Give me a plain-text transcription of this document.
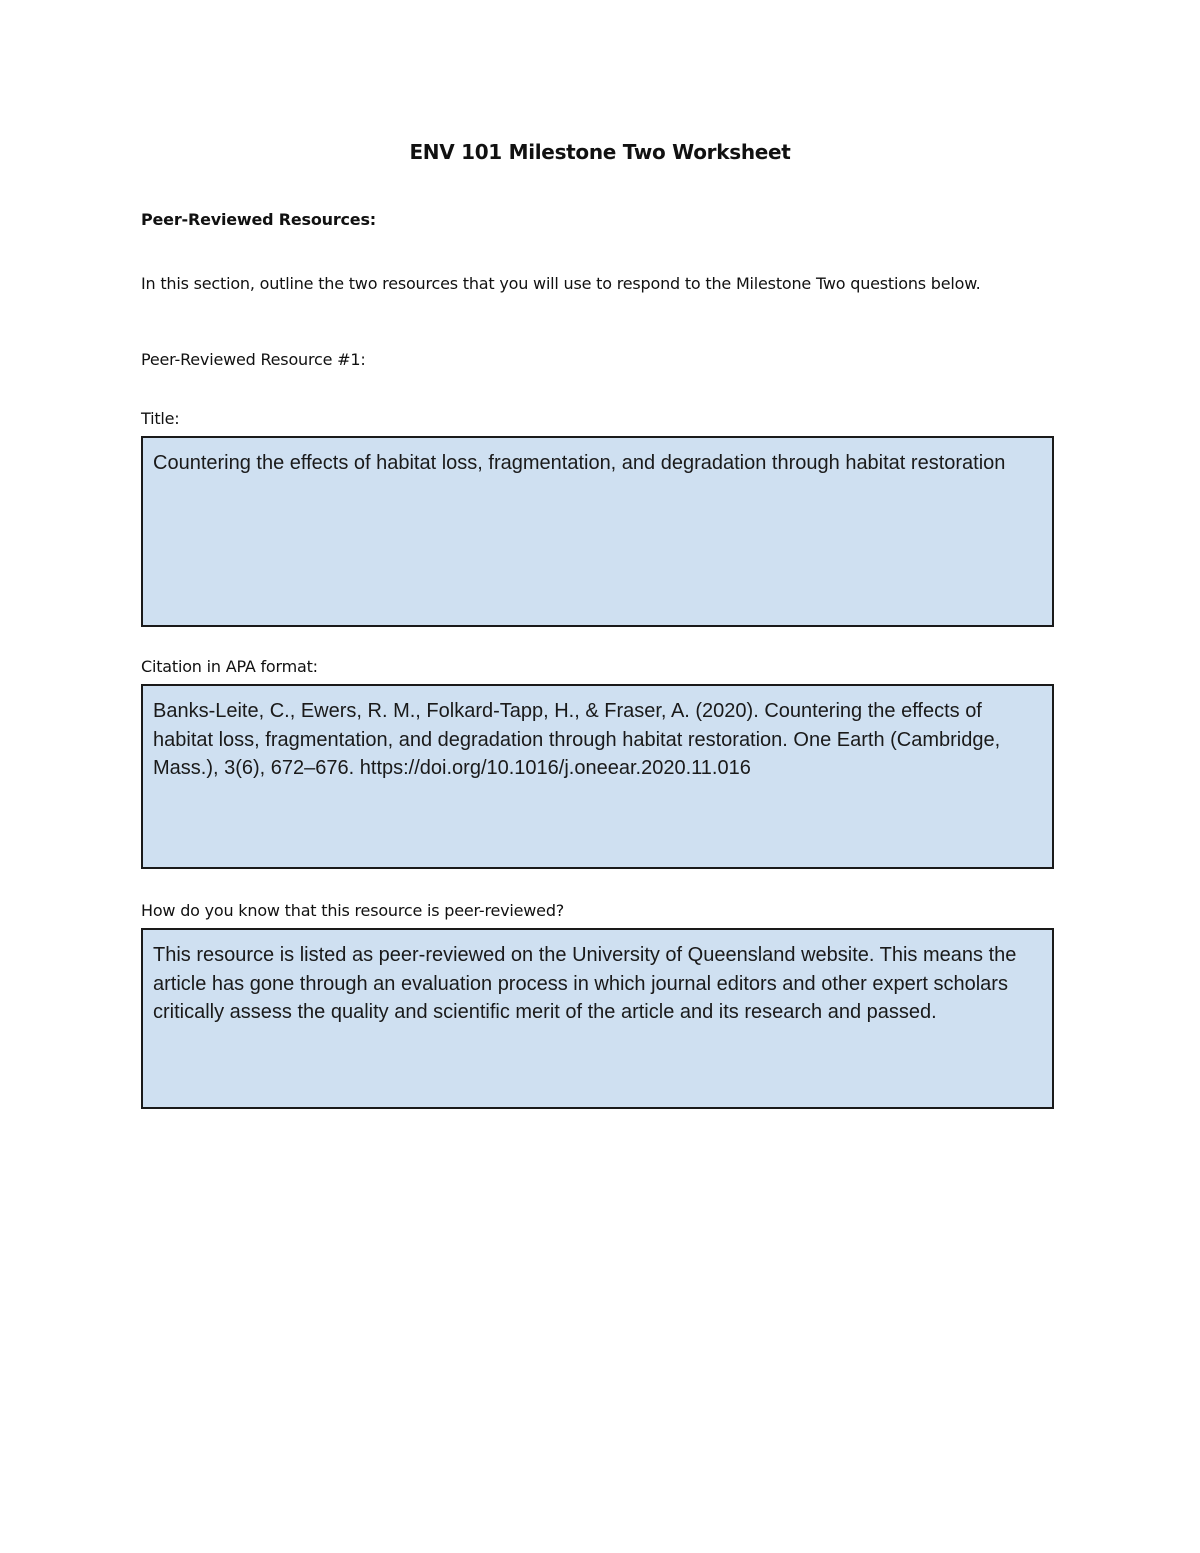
ENV 101 Milestone Two Worksheet
Peer-Reviewed Resources:
In this section, outline the two resources that you will use to respond to the Milestone Two questions below.
Peer-Reviewed Resource #1:
Title:
Countering the effects of habitat loss, fragmentation, and degradation through habitat restoration
Citation in APA format:
Banks-Leite, C., Ewers, R. M., Folkard-Tapp, H., & Fraser, A. (2020). Countering the effects of habitat loss, fragmentation, and degradation through habitat restoration. One Earth (Cambridge, Mass.), 3(6), 672–676. https://doi.org/10.1016/j.oneear.2020.11.016
How do you know that this resource is peer-reviewed?
This resource is listed as peer-reviewed on the University of Queensland website. This means the article has gone through an evaluation process in which journal editors and other expert scholars critically assess the quality and scientific merit of the article and its research and passed.
